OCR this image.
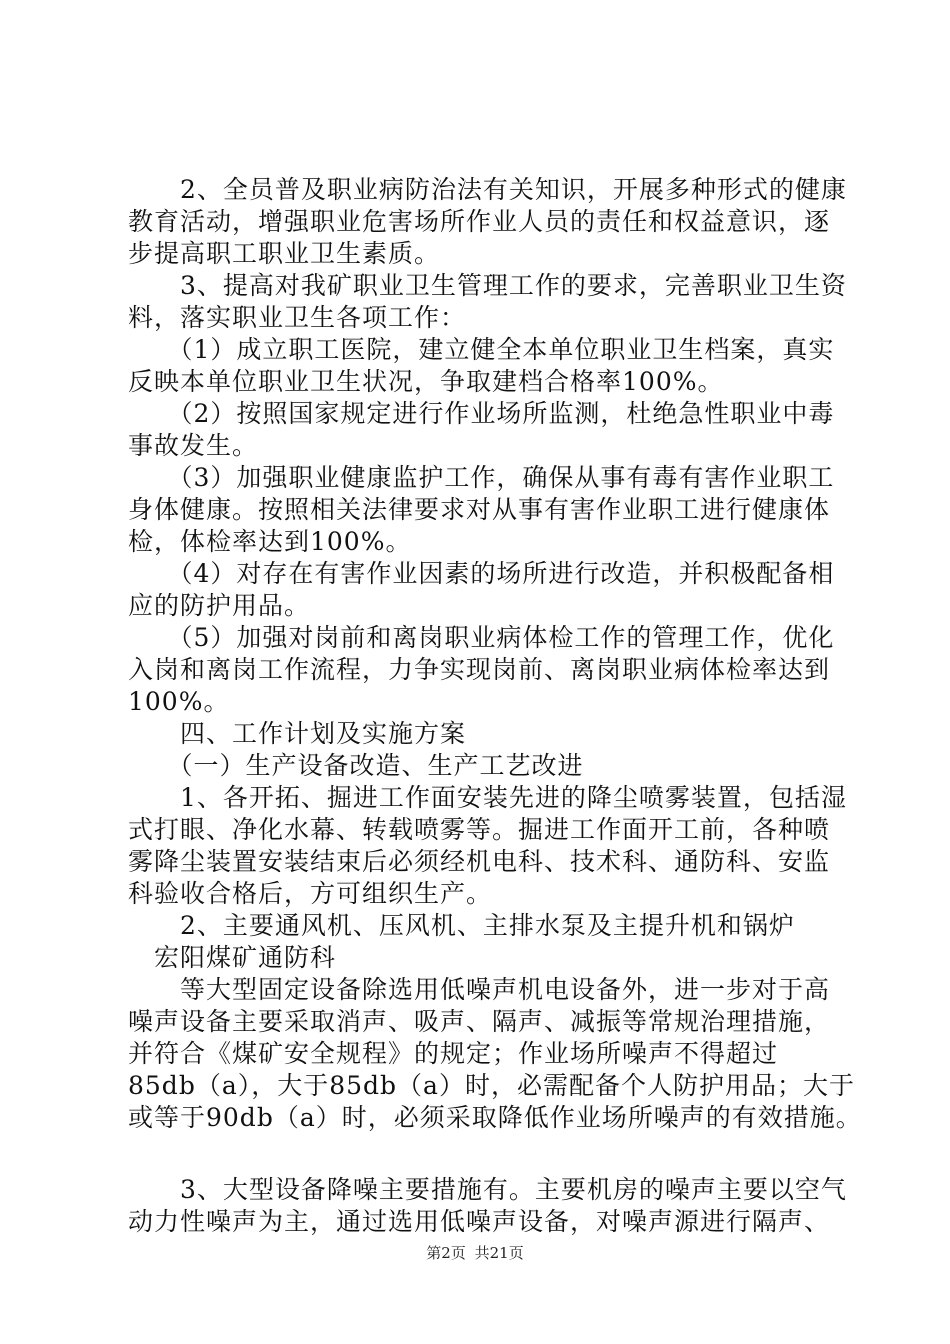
　　2、全员普及职业病防治法有关知识，开展多种形式的健康
教育活动，增强职业危害场所作业人员的责任和权益意识，逐
步提高职工职业卫生素质。
　　3、提高对我矿职业卫生管理工作的要求，完善职业卫生资
料，落实职业卫生各项工作：
　　（1）成立职工医院，建立健全本单位职业卫生档案，真实
反映本单位职业卫生状况，争取建档合格率100%。
　　（2）按照国家规定进行作业场所监测，杜绝急性职业中毒
事故发生。
　　（3）加强职业健康监护工作，确保从事有毒有害作业职工
身体健康。按照相关法律要求对从事有害作业职工进行健康体
检，体检率达到100%。
　　（4）对存在有害作业因素的场所进行改造，并积极配备相
应的防护用品。
　　（5）加强对岗前和离岗职业病体检工作的管理工作，优化
入岗和离岗工作流程，力争实现岗前、离岗职业病体检率达到
100%。
　　四、工作计划及实施方案
　　（一）生产设备改造、生产工艺改进
　　1、各开拓、掘进工作面安装先进的降尘喷雾装置，包括湿
式打眼、净化水幕、转载喷雾等。掘进工作面开工前，各种喷
雾降尘装置安装结束后必须经机电科、技术科、通防科、安监
科验收合格后，方可组织生产。
　　2、主要通风机、压风机、主排水泵及主提升机和锅炉
　宏阳煤矿通防科
　　等大型固定设备除选用低噪声机电设备外，进一步对于高
噪声设备主要采取消声、吸声、隔声、减振等常规治理措施，
并符合《煤矿安全规程》的规定；作业场所噪声不得超过
85db（a），大于85db（a）时，必需配备个人防护用品；大于
或等于90db（a）时，必须采取降低作业场所噪声的有效措施。
　　3、大型设备降噪主要措施有。主要机房的噪声主要以空气
动力性噪声为主，通过选用低噪声设备，对噪声源进行隔声、
第2页 共21页
